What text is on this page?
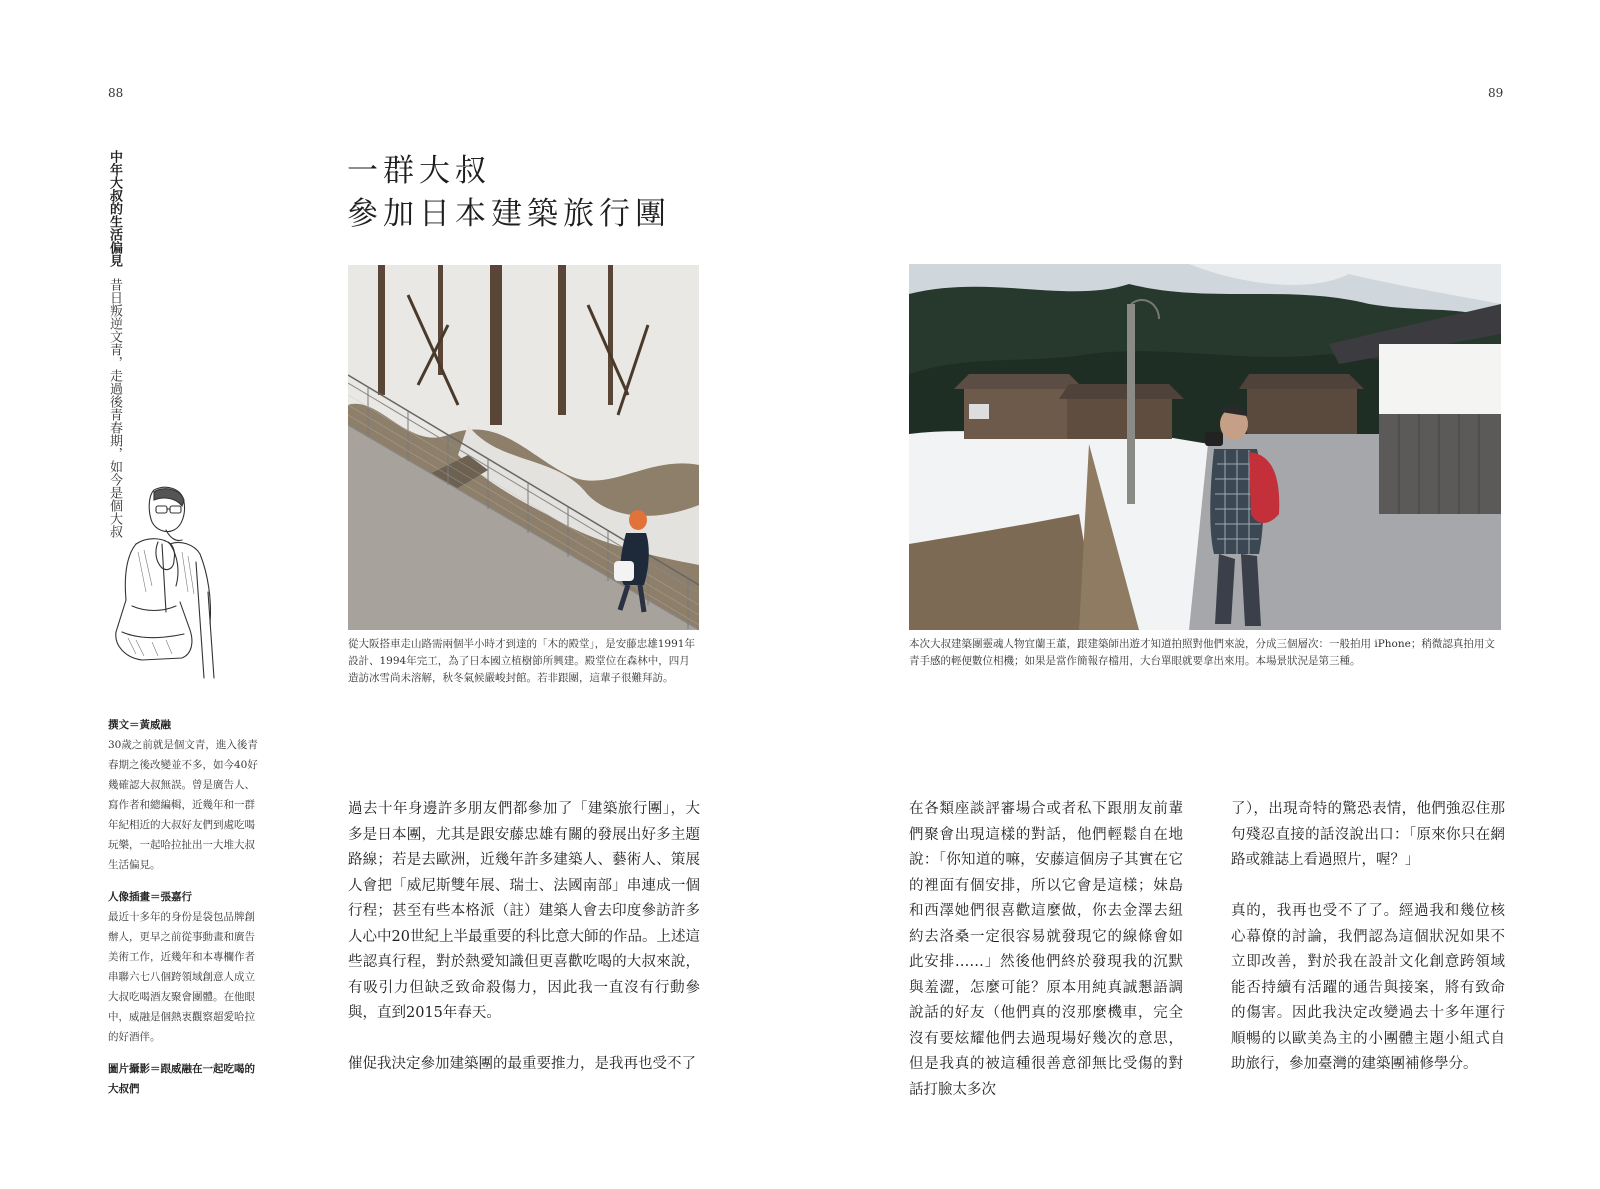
88	89
中年大叔的生活偏見
昔日叛逆文青，走過後青春期，如今是個大叔
撰文＝黃威融
30歲之前就是個文青，進入後青春期之後改變並不多，如今40好幾確認大叔無誤。曾是廣告人、寫作者和總編輯，近幾年和一群年紀相近的大叔好友們到處吃喝玩樂，一起哈拉扯出一大堆大叔生活偏見。
人像插畫＝張嘉行
最近十多年的身份是袋包品牌創辦人，更早之前從事動畫和廣告美術工作，近幾年和本專欄作者串聯六七八個跨領域創意人成立大叔吃喝酒友聚會團體。在他眼中，威融是個熱衷觀察超愛哈拉的好酒伴。
圖片攝影＝跟威融在一起吃喝的大叔們
一群大叔
參加日本建築旅行團

從大阪搭車走山路需兩個半小時才到達的「木的殿堂」，是安藤忠雄1991年設計、1994年完工，為了日本國立植樹節所興建。殿堂位在森林中，四月造訪冰雪尚未溶解，秋冬氣候嚴峻封館。若非跟團，這輩子很難拜訪。

本次大叔建築團靈魂人物宜蘭王董，跟建築師出遊才知道拍照對他們來說，分成三個層次：一般拍用 iPhone；稍微認真拍用文青手感的輕便數位相機；如果是當作簡報存檔用，大台單眼就要拿出來用。本場景狀況是第三種。

過去十年身邊許多朋友們都參加了「建築旅行團」，大多是日本團，尤其是跟安藤忠雄有關的發展出好多主題路線；若是去歐洲，近幾年許多建築人、藝術人、策展人會把「威尼斯雙年展、瑞士、法國南部」串連成一個行程；甚至有些本格派（註）建築人會去印度參訪許多人心中20世紀上半最重要的科比意大師的作品。上述這些認真行程，對於熱愛知識但更喜歡吃喝的大叔來說，有吸引力但缺乏致命殺傷力，因此我一直沒有行動參與，直到2015年春天。

催促我決定參加建築團的最重要推力，是我再也受不了

在各類座談評審場合或者私下跟朋友前輩們聚會出現這樣的對話，他們輕鬆自在地說：「你知道的嘛，安藤這個房子其實在它的裡面有個安排，所以它會是這樣；妹島和西澤她們很喜歡這麼做，你去金澤去紐約去洛桑一定很容易就發現它的線條會如此安排……」然後他們終於發現我的沉默與羞澀，怎麼可能？原本用純真誠懇語調說話的好友（他們真的沒那麼機車，完全沒有要炫耀他們去過現場好幾次的意思，但是我真的被這種很善意卻無比受傷的對話打臉太多次

了），出現奇特的驚恐表情，他們強忍住那句殘忍直接的話沒說出口：「原來你只在網路或雜誌上看過照片，喔？」

真的，我再也受不了了。經過我和幾位核心幕僚的討論，我們認為這個狀況如果不立即改善，對於我在設計文化創意跨領域能否持續有活躍的通告與接案，將有致命的傷害。因此我決定改變過去十多年運行順暢的以歐美為主的小團體主題小組式自助旅行，參加臺灣的建築團補修學分。
